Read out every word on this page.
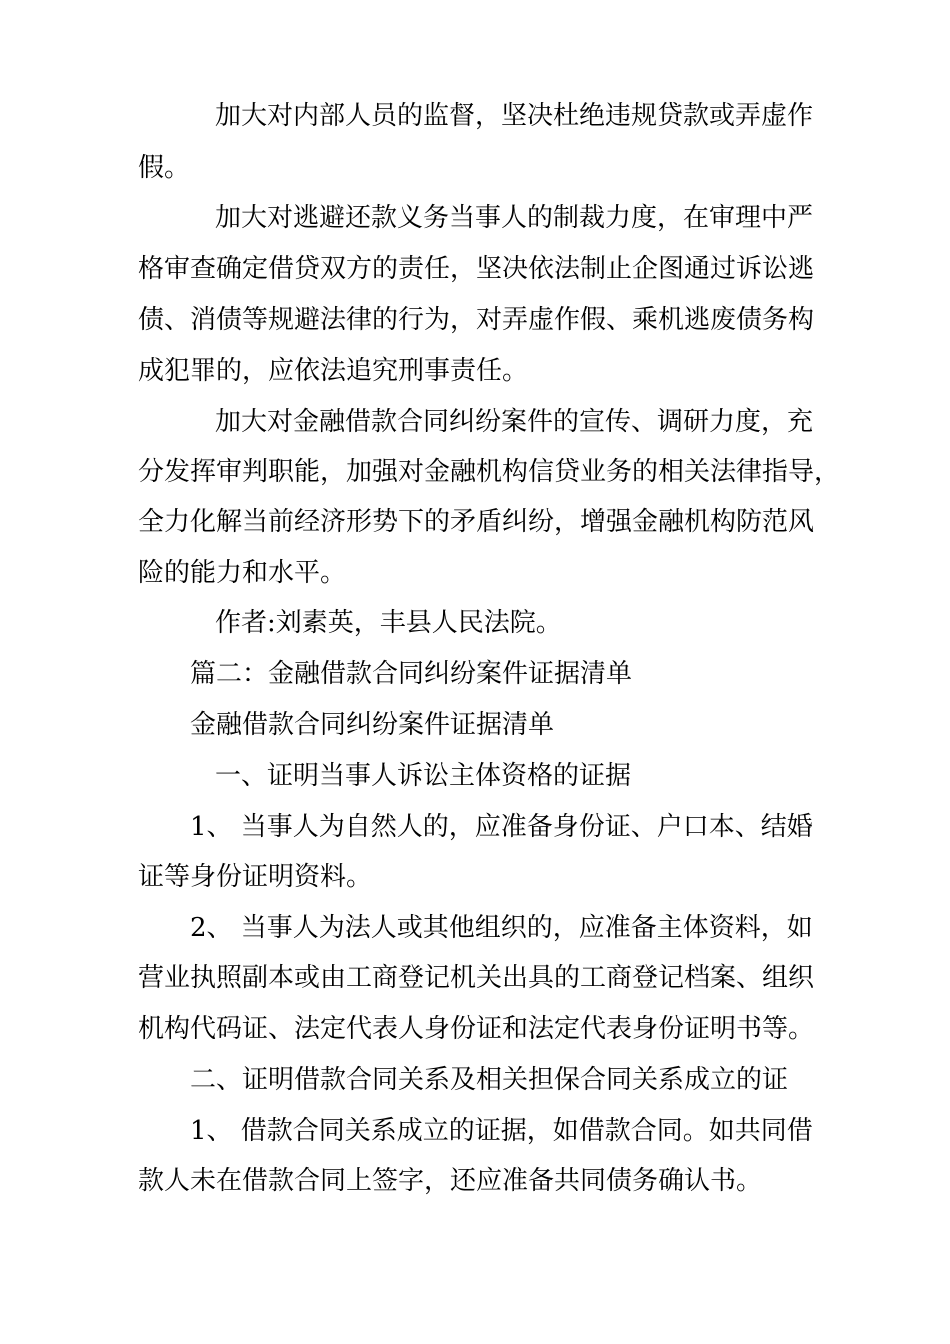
加大对内部人员的监督，坚决杜绝违规贷款或弄虚作
假。
加大对逃避还款义务当事人的制裁力度，在审理中严
格审查确定借贷双方的责任，坚决依法制止企图通过诉讼逃
债、消债等规避法律的行为，对弄虚作假、乘机逃废债务构
成犯罪的，应依法追究刑事责任。
加大对金融借款合同纠纷案件的宣传、调研力度，充
分发挥审判职能，加强对金融机构信贷业务的相关法律指导，
全力化解当前经济形势下的矛盾纠纷，增强金融机构防范风
险的能力和水平。
作者:刘素英，丰县人民法院。
篇二：金融借款合同纠纷案件证据清单
金融借款合同纠纷案件证据清单
一、证明当事人诉讼主体资格的证据
1、 当事人为自然人的，应准备身份证、户口本、结婚
证等身份证明资料。
2、 当事人为法人或其他组织的，应准备主体资料，如
营业执照副本或由工商登记机关出具的工商登记档案、组织
机构代码证、法定代表人身份证和法定代表身份证明书等。
二、证明借款合同关系及相关担保合同关系成立的证
1、 借款合同关系成立的证据，如借款合同。如共同借
款人未在借款合同上签字，还应准备共同债务确认书。
